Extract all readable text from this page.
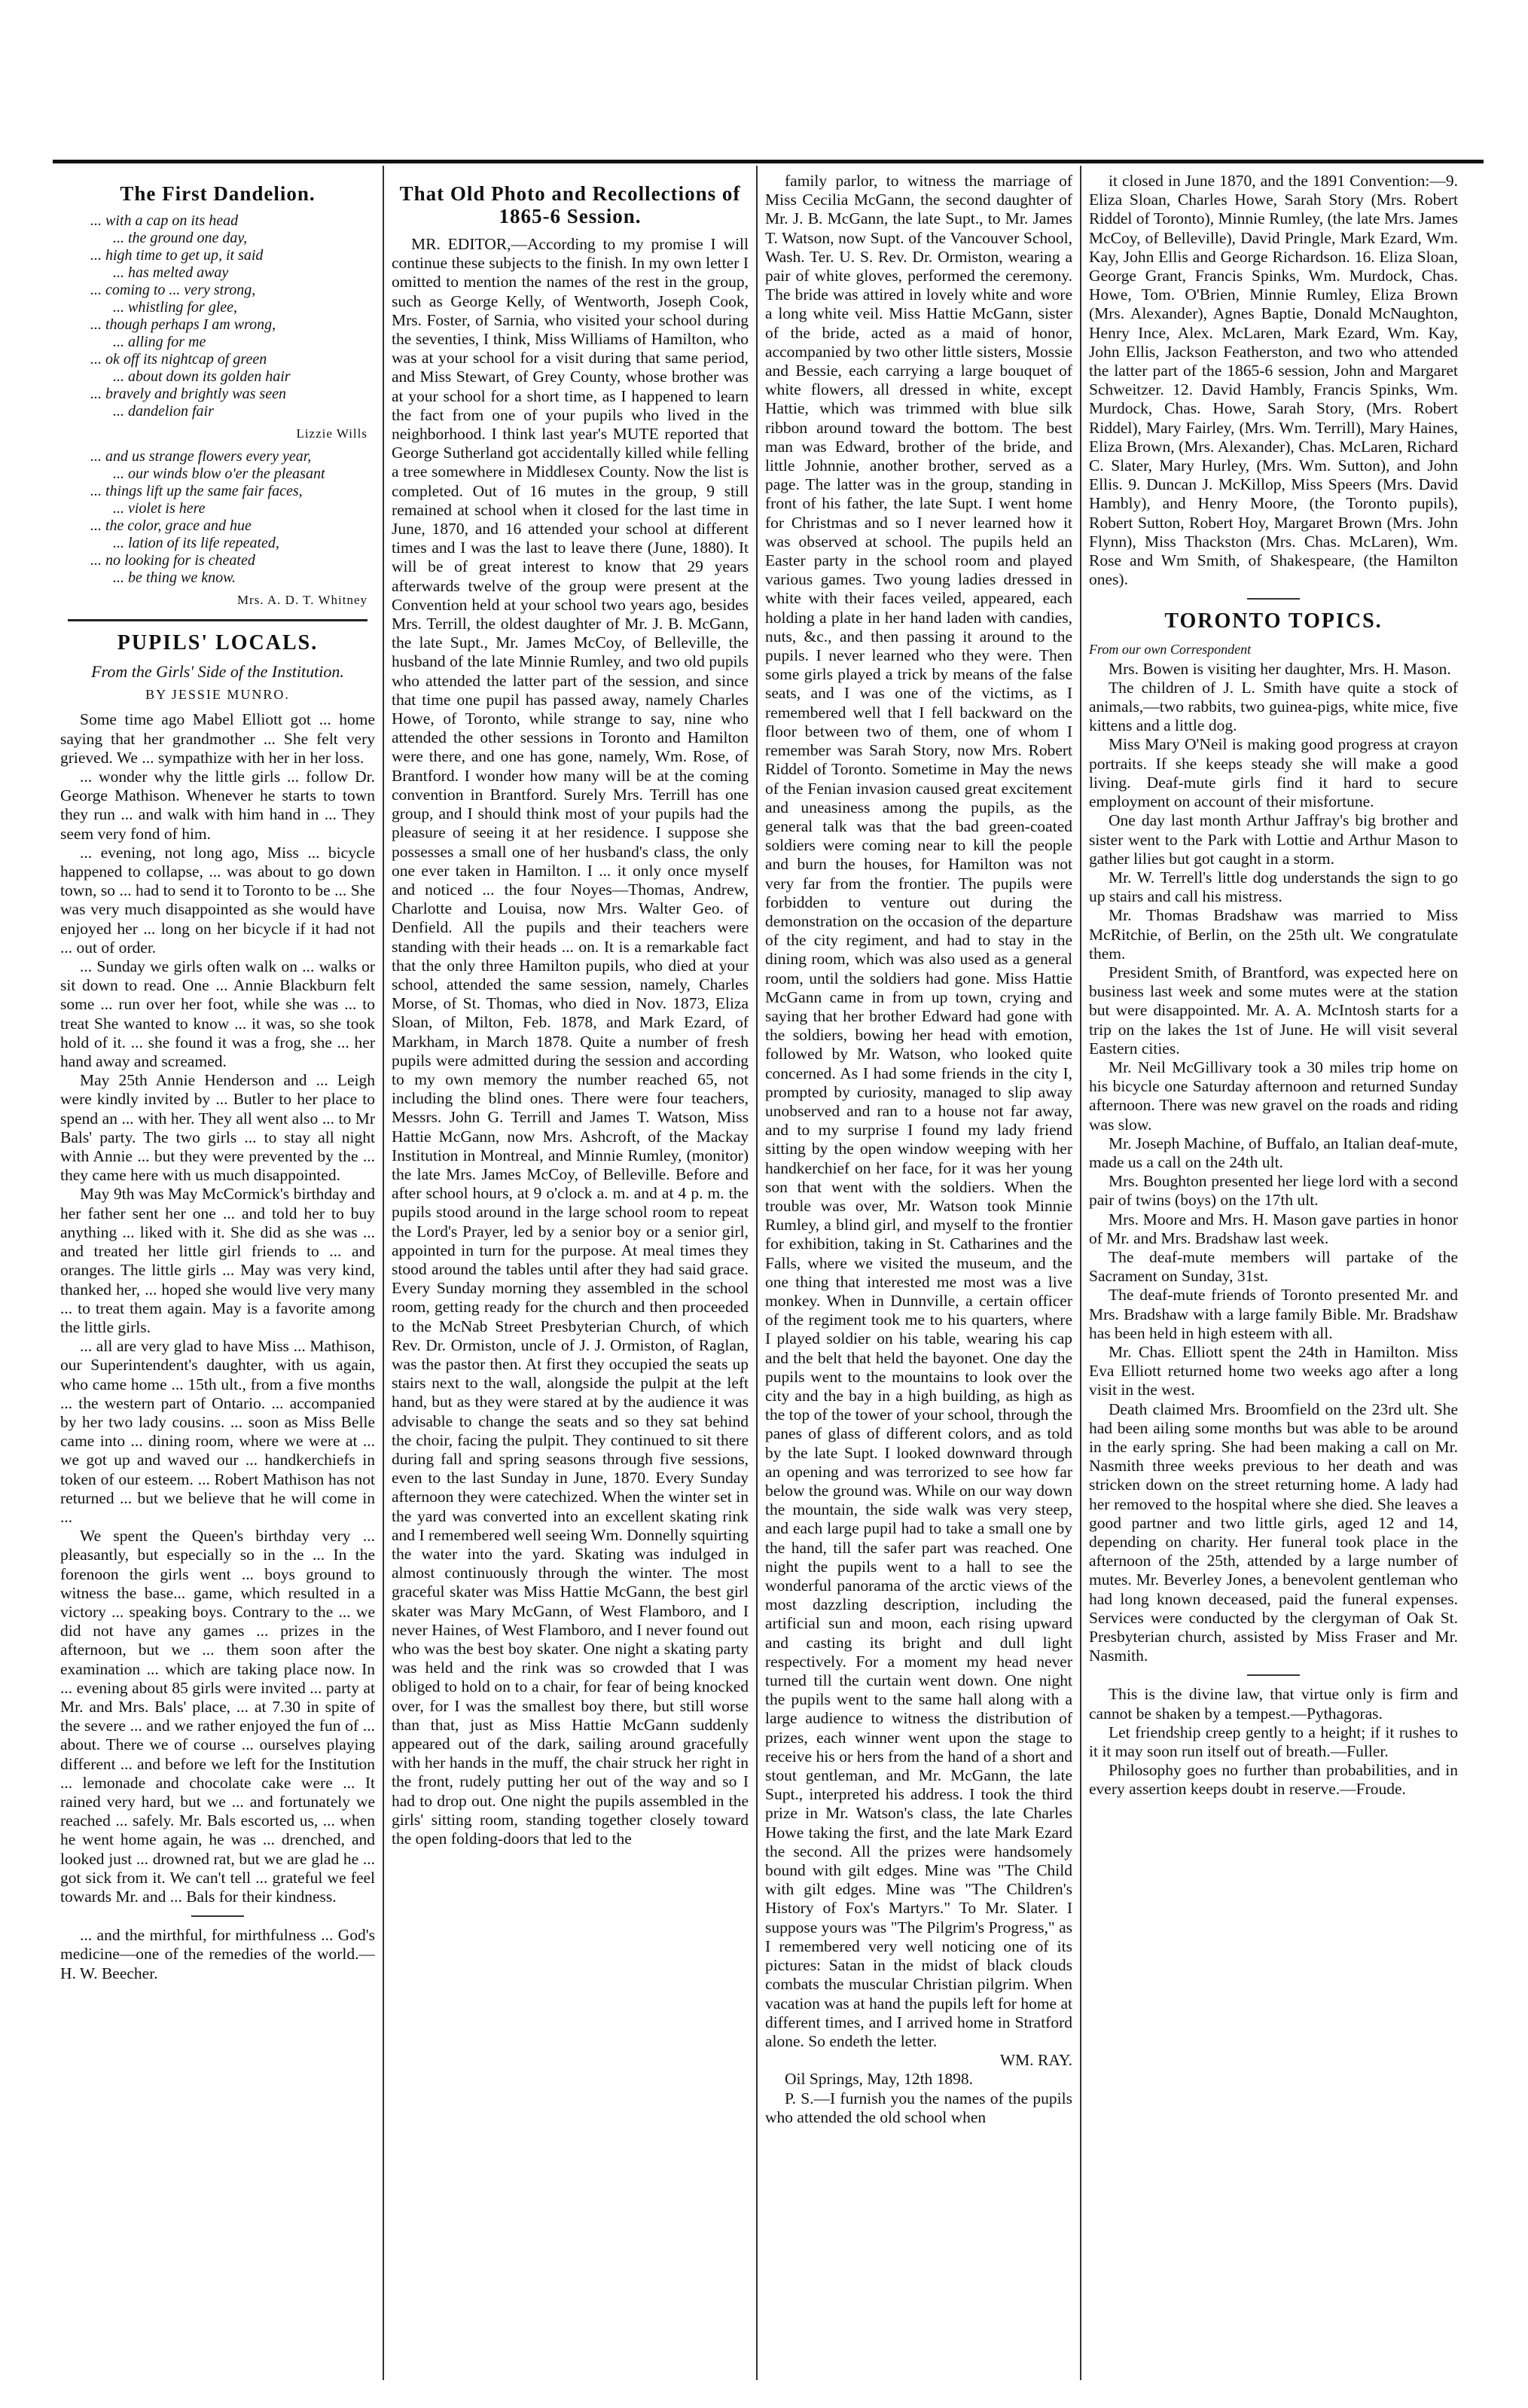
The First Dandelion.
... with a cap on its head
... the ground one day,
... high time to get up, it said
... has melted away
... coming to ... very strong,
... whistling for glee,
... though perhaps I am wrong,
... alling for me
... ok off its nightcap of green
... about down its golden hair
... bravely and brightly was seen
... dandelion fair
Lizzie Wills
... and us strange flowers every year,
... our winds blow o'er the pleasant
... things lift up the same fair faces,
... violet is here
... the color, grace and hue
... lation of its life repeated,
... no looking for is cheated
... be thing we know.
Mrs. A. D. T. Whitney
PUPILS' LOCALS.
From the Girls' Side of the Institution.
BY JESSIE MUNRO.

Some time ago Mabel Elliott got ... home saying that her grandmother ... She felt very grieved. We ... sympathize with her in her loss.

... wonder why the little girls ... follow Dr. George Mathison. Whenever he starts to town they run ... and walk with him hand in ... They seem very fond of him.

... evening, not long ago, Miss ... bicycle happened to collapse, ... was about to go down town, so ... had to send it to Toronto to be ... She was very much disappointed as she would have enjoyed her ... long on her bicycle if it had not ... out of order.

... Sunday we girls often walk on ... walks or sit down to read. One ... Annie Blackburn felt some ... run over her foot, while she was ... to treat She wanted to know ... it was, so she took hold of it. ... she found it was a frog, she ... her hand away and screamed.

May 25th Annie Henderson and ... Leigh were kindly invited by ... Butler to her place to spend an ... with her. They all went also ... to Mr Bals' party. The two girls ... to stay all night with Annie ... but they were prevented by the ... they came here with us much disappointed.

May 9th was May McCormick's birthday and her father sent her one ... and told her to buy anything ... liked with it. She did as she was ... and treated her little girl friends to ... and oranges. The little girls ... May was very kind, thanked her, ... hoped she would live very many ... to treat them again. May is a favorite among the little girls.

... all are very glad to have Miss ... Mathison, our Superintendent's daughter, with us again, who came home ... 15th ult., from a five months ... the western part of Ontario. ... accompanied by her two lady cousins. ... soon as Miss Belle came into ... dining room, where we were at ... we got up and waved our ... handkerchiefs in token of our esteem. ... Robert Mathison has not returned ... but we believe that he will come in ...

We spent the Queen's birthday very ... pleasantly, but especially so in the ... In the forenoon the girls went ... boys ground to witness the base... game, which resulted in a victory ... speaking boys. Contrary to the ... we did not have any games ... prizes in the afternoon, but we ... them soon after the examination ... which are taking place now. In ... evening about 85 girls were invited ... party at Mr. and Mrs. Bals' place, ... at 7.30 in spite of the severe ... and we rather enjoyed the fun of ... about. There we of course ... ourselves playing different ... and before we left for the Institution ... lemonade and chocolate cake were ... It rained very hard, but we ... and fortunately we reached ... safely. Mr. Bals escorted us, ... when he went home again, he was ... drenched, and looked just ... drowned rat, but we are glad he ... got sick from it. We can't tell ... grateful we feel towards Mr. and ... Bals for their kindness.

... and the mirthful, for mirthfulness ... God's medicine—one of the remedies of the world.—H. W. Beecher.

That Old Photo and Recollections of 1865-6 Session.

MR. EDITOR,—According to my promise I will continue these subjects to the finish. In my own letter I omitted to mention the names of the rest in the group, such as George Kelly, of Wentworth, Joseph Cook, Mrs. Foster, of Sarnia, who visited your school during the seventies, I think, Miss Williams of Hamilton, who was at your school for a visit during that same period, and Miss Stewart, of Grey County, whose brother was at your school for a short time, as I happened to learn the fact from one of your pupils who lived in the neighborhood. I think last year's MUTE reported that George Sutherland got accidentally killed while felling a tree somewhere in Middlesex County. Now the list is completed. Out of 16 mutes in the group, 9 still remained at school when it closed for the last time in June, 1870, and 16 attended your school at different times and I was the last to leave there (June, 1880). It will be of great interest to know that 29 years afterwards twelve of the group were present at the Convention held at your school two years ago, besides Mrs. Terrill, the oldest daughter of Mr. J. B. McGann, the late Supt., Mr. James McCoy, of Belleville, the husband of the late Minnie Rumley, and two old pupils who attended the latter part of the session, and since that time one pupil has passed away, namely Charles Howe, of Toronto, while strange to say, nine who attended the other sessions in Toronto and Hamilton were there, and one has gone, namely, Wm. Rose, of Brantford. I wonder how many will be at the coming convention in Brantford. Surely Mrs. Terrill has one group, and I should think most of your pupils had the pleasure of seeing it at her residence. I suppose she possesses a small one of her husband's class, the only one ever taken in Hamilton. I ... it only once myself and noticed ... the four Noyes—Thomas, Andrew, Charlotte and Louisa, now Mrs. Walter Geo. of Denfield. All the pupils and their teachers were standing with their heads ... on. It is a remarkable fact that the only three Hamilton pupils, who died at your school, attended the same session, namely, Charles Morse, of St. Thomas, who died in Nov. 1873, Eliza Sloan, of Milton, Feb. 1878, and Mark Ezard, of Markham, in March 1878. Quite a number of fresh pupils were admitted during the session and according to my own memory the number reached 65, not including the blind ones. There were four teachers, Messrs. John G. Terrill and James T. Watson, Miss Hattie McGann, now Mrs. Ashcroft, of the Mackay Institution in Montreal, and Minnie Rumley, (monitor) the late Mrs. James McCoy, of Belleville. Before and after school hours, at 9 o'clock a. m. and at 4 p. m. the pupils stood around in the large school room to repeat the Lord's Prayer, led by a senior boy or a senior girl, appointed in turn for the purpose. At meal times they stood around the tables until after they had said grace. Every Sunday morning they assembled in the school room, getting ready for the church and then proceeded to the McNab Street Presbyterian Church, of which Rev. Dr. Ormiston, uncle of J. J. Ormiston, of Raglan, was the pastor then. At first they occupied the seats up stairs next to the wall, alongside the pulpit at the left hand, but as they were stared at by the audience it was advisable to change the seats and so they sat behind the choir, facing the pulpit. They continued to sit there during fall and spring seasons through five sessions, even to the last Sunday in June, 1870. Every Sunday afternoon they were catechized. When the winter set in the yard was converted into an excellent skating rink and I remembered well seeing Wm. Donnelly squirting the water into the yard. Skating was indulged in almost continuously through the winter. The most graceful skater was Miss Hattie McGann, the best girl skater was Mary McGann, of West Flamboro, and I never Haines, of West Flamboro, and I never found out who was the best boy skater. One night a skating party was held and the rink was so crowded that I was obliged to hold on to a chair, for fear of being knocked over, for I was the smallest boy there, but still worse than that, just as Miss Hattie McGann suddenly appeared out of the dark, sailing around gracefully with her hands in the muff, the chair struck her right in the front, rudely putting her out of the way and so I had to drop out. One night the pupils assembled in the girls' sitting room, standing together closely toward the open folding-doors that led to the

family parlor, to witness the marriage of Miss Cecilia McGann, the second daughter of Mr. J. B. McGann, the late Supt., to Mr. James T. Watson, now Supt. of the Vancouver School, Wash. Ter. U. S. Rev. Dr. Ormiston, wearing a pair of white gloves, performed the ceremony. The bride was attired in lovely white and wore a long white veil. Miss Hattie McGann, sister of the bride, acted as a maid of honor, accompanied by two other little sisters, Mossie and Bessie, each carrying a large bouquet of white flowers, all dressed in white, except Hattie, which was trimmed with blue silk ribbon around toward the bottom. The best man was Edward, brother of the bride, and little Johnnie, another brother, served as a page. The latter was in the group, standing in front of his father, the late Supt. I went home for Christmas and so I never learned how it was observed at school. The pupils held an Easter party in the school room and played various games. Two young ladies dressed in white with their faces veiled, appeared, each holding a plate in her hand laden with candies, nuts, &c., and then passing it around to the pupils. I never learned who they were. Then some girls played a trick by means of the false seats, and I was one of the victims, as I remembered well that I fell backward on the floor between two of them, one of whom I remember was Sarah Story, now Mrs. Robert Riddel of Toronto. Sometime in May the news of the Fenian invasion caused great excitement and uneasiness among the pupils, as the general talk was that the bad green-coated soldiers were coming near to kill the people and burn the houses, for Hamilton was not very far from the frontier. The pupils were forbidden to venture out during the demonstration on the occasion of the departure of the city regiment, and had to stay in the dining room, which was also used as a general room, until the soldiers had gone. Miss Hattie McGann came in from up town, crying and saying that her brother Edward had gone with the soldiers, bowing her head with emotion, followed by Mr. Watson, who looked quite concerned. As I had some friends in the city I, prompted by curiosity, managed to slip away unobserved and ran to a house not far away, and to my surprise I found my lady friend sitting by the open window weeping with her handkerchief on her face, for it was her young son that went with the soldiers. When the trouble was over, Mr. Watson took Minnie Rumley, a blind girl, and myself to the frontier for exhibition, taking in St. Catharines and the Falls, where we visited the museum, and the one thing that interested me most was a live monkey. When in Dunnville, a certain officer of the regiment took me to his quarters, where I played soldier on his table, wearing his cap and the belt that held the bayonet. One day the pupils went to the mountains to look over the city and the bay in a high building, as high as the top of the tower of your school, through the panes of glass of different colors, and as told by the late Supt. I looked downward through an opening and was terrorized to see how far below the ground was. While on our way down the mountain, the side walk was very steep, and each large pupil had to take a small one by the hand, till the safer part was reached. One night the pupils went to a hall to see the wonderful panorama of the arctic views of the most dazzling description, including the artificial sun and moon, each rising upward and casting its bright and dull light respectively. For a moment my head never turned till the curtain went down. One night the pupils went to the same hall along with a large audience to witness the distribution of prizes, each winner went upon the stage to receive his or hers from the hand of a short and stout gentleman, and Mr. McGann, the late Supt., interpreted his address. I took the third prize in Mr. Watson's class, the late Charles Howe taking the first, and the late Mark Ezard the second. All the prizes were handsomely bound with gilt edges. Mine was "The Child with gilt edges. Mine was "The Children's History of Fox's Martyrs." To Mr. Slater. I suppose yours was "The Pilgrim's Progress," as I remembered very well noticing one of its pictures: Satan in the midst of black clouds combats the muscular Christian pilgrim. When vacation was at hand the pupils left for home at different times, and I arrived home in Stratford alone. So endeth the letter.

WM. RAY.

Oil Springs, May, 12th 1898.

P. S.—I furnish you the names of the pupils who attended the old school when

it closed in June 1870, and the 1891 Convention:—9. Eliza Sloan, Charles Howe, Sarah Story (Mrs. Robert Riddel of Toronto), Minnie Rumley, (the late Mrs. James McCoy, of Belleville), David Pringle, Mark Ezard, Wm. Kay, John Ellis and George Richardson. 16. Eliza Sloan, George Grant, Francis Spinks, Wm. Murdock, Chas. Howe, Tom. O'Brien, Minnie Rumley, Eliza Brown (Mrs. Alexander), Agnes Baptie, Donald McNaughton, Henry Ince, Alex. McLaren, Mark Ezard, Wm. Kay, John Ellis, Jackson Featherston, and two who attended the latter part of the 1865-6 session, John and Margaret Schweitzer. 12. David Hambly, Francis Spinks, Wm. Murdock, Chas. Howe, Sarah Story, (Mrs. Robert Riddel), Mary Fairley, (Mrs. Wm. Terrill), Mary Haines, Eliza Brown, (Mrs. Alexander), Chas. McLaren, Richard C. Slater, Mary Hurley, (Mrs. Wm. Sutton), and John Ellis. 9. Duncan J. McKillop, Miss Speers (Mrs. David Hambly), and Henry Moore, (the Toronto pupils), Robert Sutton, Robert Hoy, Margaret Brown (Mrs. John Flynn), Miss Thackston (Mrs. Chas. McLaren), Wm. Rose and Wm Smith, of Shakespeare, (the Hamilton ones).

TORONTO TOPICS.

From our own Correspondent

Mrs. Bowen is visiting her daughter, Mrs. H. Mason.

The children of J. L. Smith have quite a stock of animals,—two rabbits, two guinea-pigs, white mice, five kittens and a little dog.

Miss Mary O'Neil is making good progress at crayon portraits. If she keeps steady she will make a good living. Deaf-mute girls find it hard to secure employment on account of their misfortune.

One day last month Arthur Jaffray's big brother and sister went to the Park with Lottie and Arthur Mason to gather lilies but got caught in a storm.

Mr. W. Terrell's little dog understands the sign to go up stairs and call his mistress.

Mr. Thomas Bradshaw was married to Miss McRitchie, of Berlin, on the 25th ult. We congratulate them.

President Smith, of Brantford, was expected here on business last week and some mutes were at the station but were disappointed. Mr. A. A. McIntosh starts for a trip on the lakes the 1st of June. He will visit several Eastern cities.

Mr. Neil McGillivary took a 30 miles trip home on his bicycle one Saturday afternoon and returned Sunday afternoon. There was new gravel on the roads and riding was slow.

Mr. Joseph Machine, of Buffalo, an Italian deaf-mute, made us a call on the 24th ult.

Mrs. Boughton presented her liege lord with a second pair of twins (boys) on the 17th ult.

Mrs. Moore and Mrs. H. Mason gave parties in honor of Mr. and Mrs. Bradshaw last week.

The deaf-mute members will partake of the Sacrament on Sunday, 31st.

The deaf-mute friends of Toronto presented Mr. and Mrs. Bradshaw with a large family Bible. Mr. Bradshaw has been held in high esteem with all.

Mr. Chas. Elliott spent the 24th in Hamilton. Miss Eva Elliott returned home two weeks ago after a long visit in the west.

Death claimed Mrs. Broomfield on the 23rd ult. She had been ailing some months but was able to be around in the early spring. She had been making a call on Mr. Nasmith three weeks previous to her death and was stricken down on the street returning home. A lady had her removed to the hospital where she died. She leaves a good partner and two little girls, aged 12 and 14, depending on charity. Her funeral took place in the afternoon of the 25th, attended by a large number of mutes. Mr. Beverley Jones, a benevolent gentleman who had long known deceased, paid the funeral expenses. Services were conducted by the clergyman of Oak St. Presbyterian church, assisted by Miss Fraser and Mr. Nasmith.

This is the divine law, that virtue only is firm and cannot be shaken by a tempest.—Pythagoras.

Let friendship creep gently to a height; if it rushes to it it may soon run itself out of breath.—Fuller.

Philosophy goes no further than probabilities, and in every assertion keeps doubt in reserve.—Froude.
